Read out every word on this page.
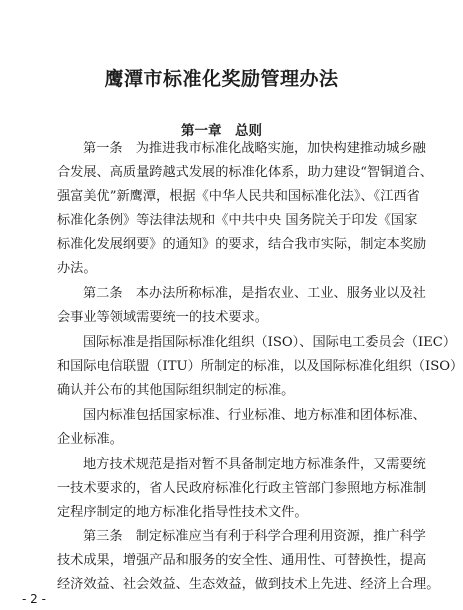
鹰潭市标准化奖励管理办法
第一章　总则
第一条　为推进我市标准化战略实施，加快构建推动城乡融
合发展、高质量跨越式发展的标准化体系，助力建设“智铜道合、
强富美优”新鹰潭，根据《中华人民共和国标准化法》、《江西省
标准化条例》等法律法规和《中共中央 国务院关于印发《国家
标准化发展纲要》的通知》的要求，结合我市实际，制定本奖励
办法。
第二条　本办法所称标准，是指农业、工业、服务业以及社
会事业等领域需要统一的技术要求。
国际标准是指国际标准化组织（ISO）、国际电工委员会（IEC）
和国际电信联盟（ITU）所制定的标准，以及国际标准化组织（ISO）
确认并公布的其他国际组织制定的标准。
国内标准包括国家标准、行业标准、地方标准和团体标准、
企业标准。
地方技术规范是指对暂不具备制定地方标准条件，又需要统
一技术要求的，省人民政府标准化行政主管部门参照地方标准制
定程序制定的地方标准化指导性技术文件。
第三条　制定标准应当有利于科学合理利用资源，推广科学
技术成果，增强产品和服务的安全性、通用性、可替换性，提高
经济效益、社会效益、生态效益，做到技术上先进、经济上合理。
- 2 -
